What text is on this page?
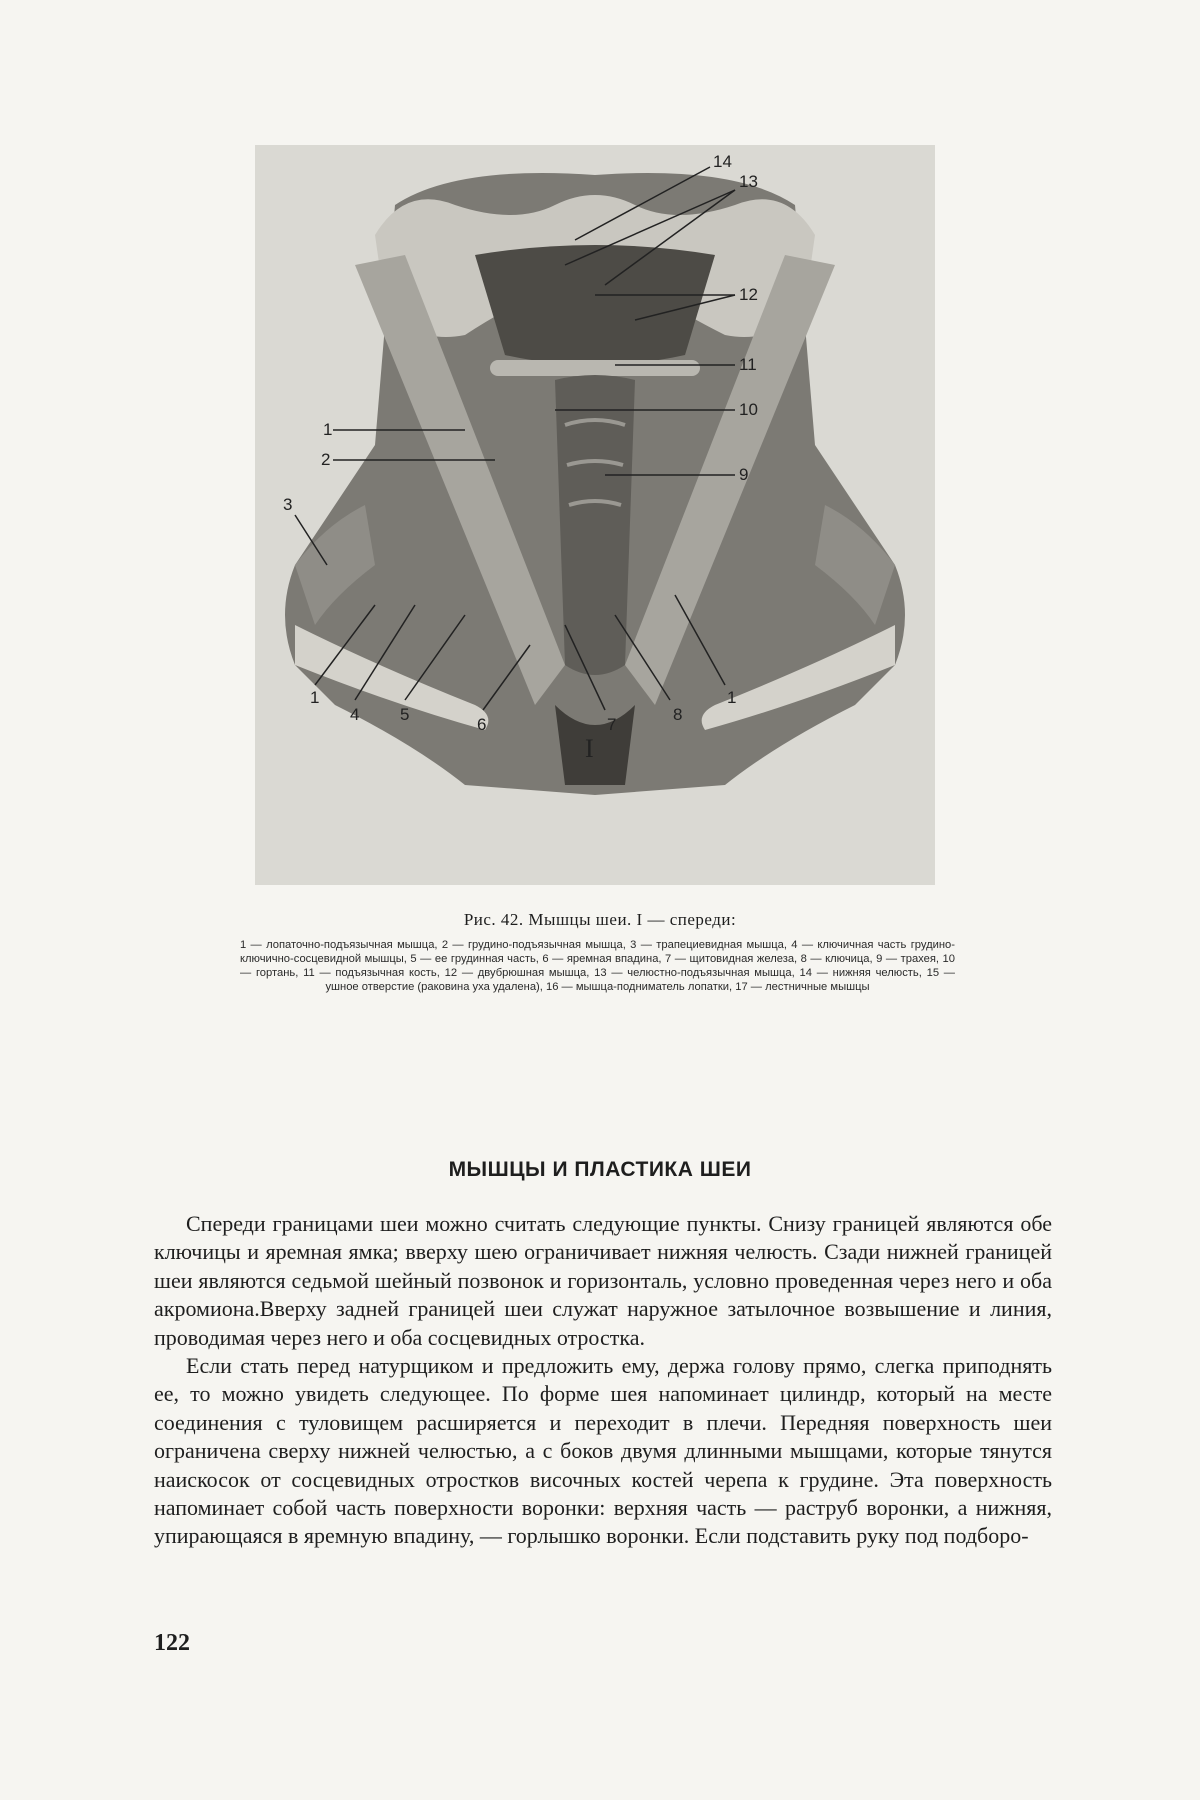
1
2
3
1
4 5
6	7
8
1
9
10
11
12
13
14
I
Рис. 42. Мышцы шеи. I — спереди:
1 — лопаточно-подъязычная мышца, 2 — грудино-подъязычная мышца, 3 — трапециевидная мышца, 4 — ключичная часть грудино-ключично-сосцевидной мышцы, 5 — ее грудинная часть, 6 — яремная впадина, 7 — щитовидная железа, 8 — ключица, 9 — трахея, 10 — гортань, 11 — подъязычная кость, 12 — двубрюшная мышца, 13 — челюстно-подъязычная мышца, 14 — нижняя челюсть, 15 — ушное отверстие (раковина уха удалена), 16 — мышца-подниматель лопатки, 17 — лестничные мышцы
МЫШЦЫ И ПЛАСТИКА ШЕИ

Спереди границами шеи можно считать следующие пункты. Снизу границей являются обе ключицы и яремная ямка; вверху шею ограничивает нижняя челюсть. Сзади нижней границей шеи являются седьмой шейный позвонок и горизонталь, условно проведенная через него и оба акромиона.Вверху задней границей шеи служат наружное затылочное возвышение и линия, проводимая через него и оба сосцевидных отростка.

Если стать перед натурщиком и предложить ему, держа голову прямо, слегка приподнять ее, то можно увидеть следующее. По форме шея напоминает цилиндр, который на месте соединения с туловищем расширяется и переходит в плечи. Передняя поверхность шеи ограничена сверху нижней челюстью, а с боков двумя длинными мышцами, которые тянутся наискосок от сосцевидных отростков височных костей черепа к грудине. Эта поверхность напоминает собой часть поверхности воронки: верхняя часть — раструб воронки, а нижняя, упирающаяся в яремную впадину, — горлышко воронки. Если подставить руку под подборо-

122
